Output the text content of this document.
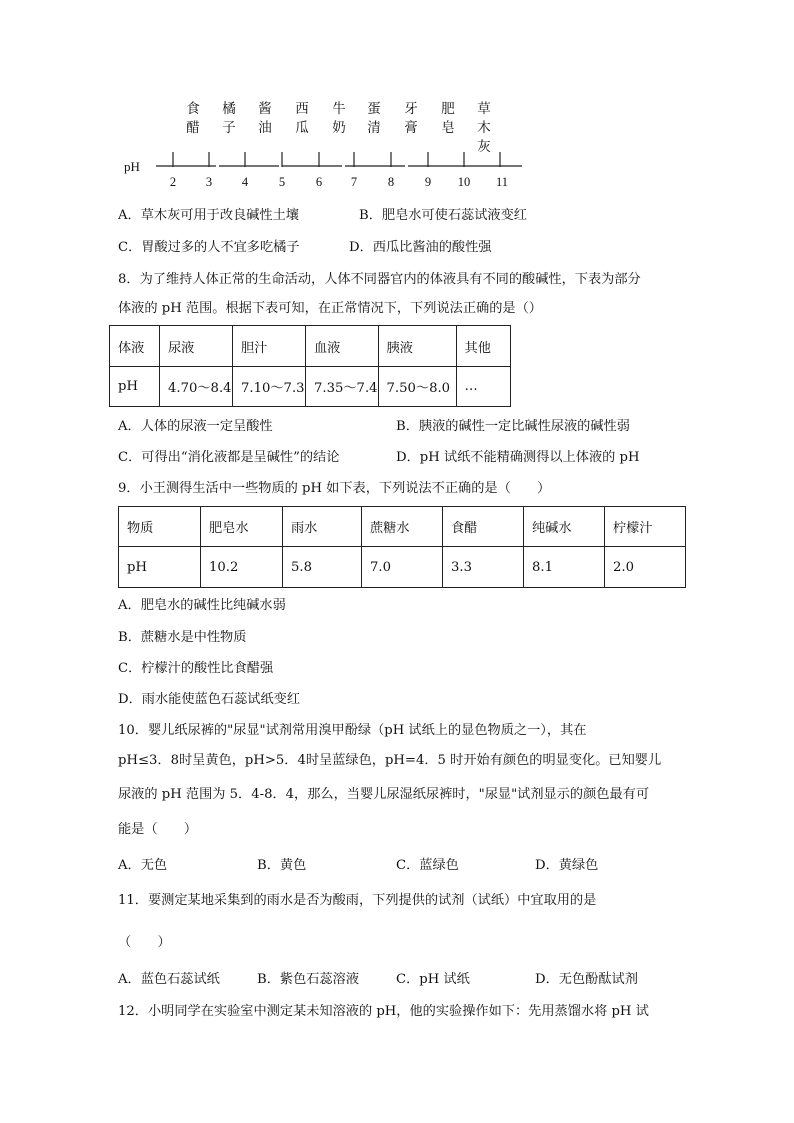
食
醋
橘
子
酱
油
西
瓜
牛
奶
蛋
清
牙
膏
肥
皂
草
木
灰
pH
2	3	4	5	6	7	8	9	10	11
A．草木灰可用于改良碱性土壤	B．肥皂水可使石蕊试液变红
C．胃酸过多的人不宜多吃橘子	D．西瓜比酱油的酸性强
8．为了维持人体正常的生命活动，人体不同器官内的体液具有不同的酸碱性，下表为部分
体液的 pH 范围。根据下表可知，在正常情况下，下列说法正确的是（）
体液	尿液	胆汁	血液	胰液	其他
pH	4.70～8.4	7.10～7.3	7.35～7.4	7.50～8.0	…
A．人体的尿液一定呈酸性	B．胰液的碱性一定比碱性尿液的碱性弱
C．可得出“消化液都是呈碱性”的结论	D．pH 试纸不能精确测得以上体液的 pH
9．小王测得生活中一些物质的 pH 如下表，下列说法不正确的是（　　）
物质	肥皂水	雨水	蔗糖水	食醋	纯碱水	柠檬汁
pH	10.2	5.8	7.0	3.3	8.1	2.0
A．肥皂水的碱性比纯碱水弱
B．蔗糖水是中性物质
C．柠檬汁的酸性比食醋强
D．雨水能使蓝色石蕊试纸变红
10．婴儿纸尿裤的"尿显"试剂常用溴甲酚绿（pH 试纸上的显色物质之一），其在
pH≤3．8时呈黄色，pH>5．4时呈蓝绿色，pH=4．5 时开始有颜色的明显变化。已知婴儿
尿液的 pH 范围为 5．4-8．4，那么，当婴儿尿湿纸尿裤时，"尿显"试剂显示的颜色最有可
能是（　　）
A．无色	B．黄色	C．蓝绿色	D．黄绿色
11．要测定某地采集到的雨水是否为酸雨，下列提供的试剂（试纸）中宜取用的是
（　　）
A．蓝色石蕊试纸	B．紫色石蕊溶液	C．pH 试纸	D．无色酚酞试剂
12．小明同学在实验室中测定某未知溶液的 pH，他的实验操作如下：先用蒸馏水将 pH 试
